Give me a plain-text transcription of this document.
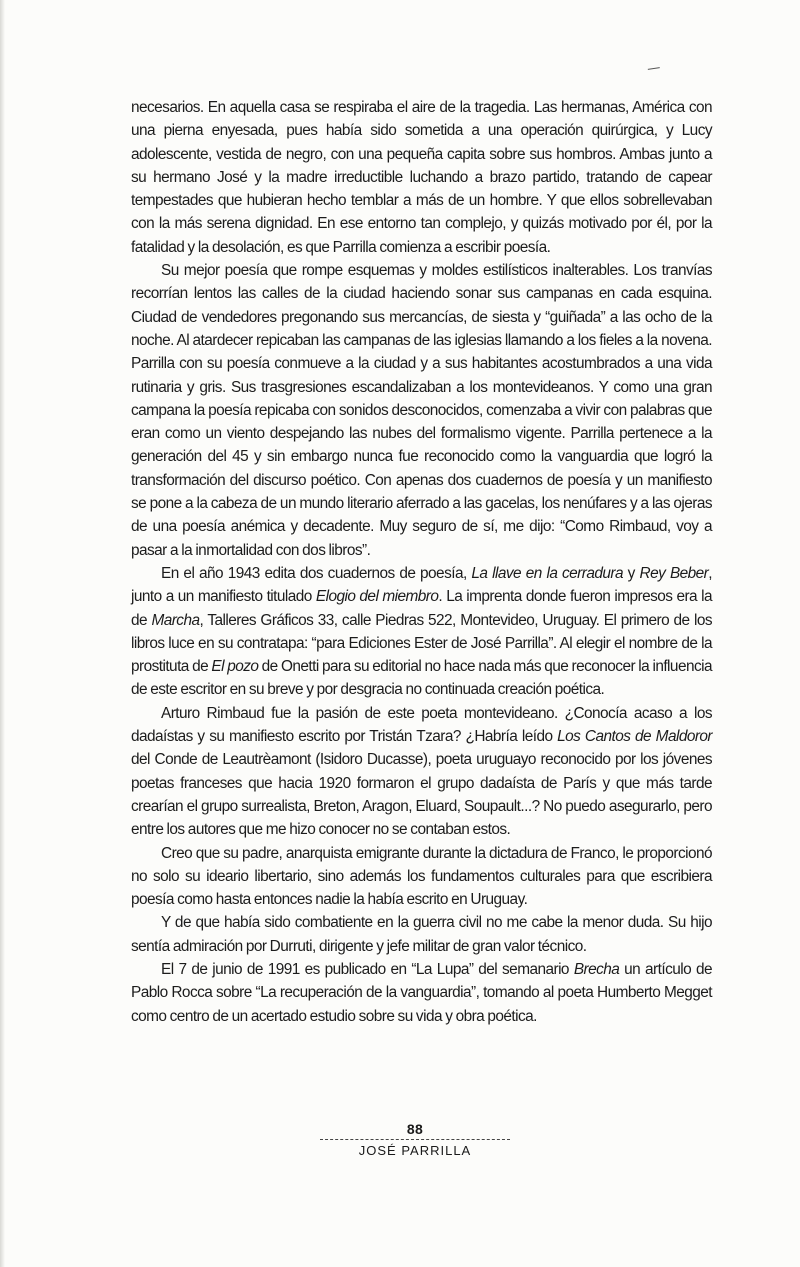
necesarios. En aquella casa se respiraba el aire de la tragedia. Las hermanas, América con una pierna enyesada, pues había sido sometida a una operación quirúrgica, y Lucy adolescente, vestida de negro, con una pequeña capita sobre sus hombros. Ambas junto a su hermano José y la madre irreductible luchando a brazo partido, tratando de capear tempestades que hubieran hecho temblar a más de un hombre. Y que ellos sobrellevaban con la más serena dignidad. En ese entorno tan complejo, y quizás motivado por él, por la fatalidad y la desolación, es que Parrilla comienza a escribir poesía.

Su mejor poesía que rompe esquemas y moldes estilísticos inalterables. Los tranvías recorrían lentos las calles de la ciudad haciendo sonar sus campanas en cada esquina. Ciudad de vendedores pregonando sus mercancías, de siesta y “guiñada” a las ocho de la noche. Al atardecer repicaban las campanas de las iglesias llamando a los fieles a la novena. Parrilla con su poesía conmueve a la ciudad y a sus habitantes acostumbrados a una vida rutinaria y gris. Sus trasgresiones escandalizaban a los montevideanos. Y como una gran campana la poesía repicaba con sonidos desconocidos, comenzaba a vivir con palabras que eran como un viento despejando las nubes del formalismo vigente. Parrilla pertenece a la generación del 45 y sin embargo nunca fue reconocido como la vanguardia que logró la transformación del discurso poético. Con apenas dos cuadernos de poesía y un manifiesto se pone a la cabeza de un mundo literario aferrado a las gacelas, los nenúfares y a las ojeras de una poesía anémica y decadente. Muy seguro de sí, me dijo: “Como Rimbaud, voy a pasar a la inmortalidad con dos libros”.

En el año 1943 edita dos cuadernos de poesía, La llave en la cerradura y Rey Beber, junto a un manifiesto titulado Elogio del miembro. La imprenta donde fueron impresos era la de Marcha, Talleres Gráficos 33, calle Piedras 522, Montevideo, Uruguay. El primero de los libros luce en su contratapa: “para Ediciones Ester de José Parrilla”. Al elegir el nombre de la prostituta de El pozo de Onetti para su editorial no hace nada más que reconocer la influencia de este escritor en su breve y por desgracia no continuada creación poética.

Arturo Rimbaud fue la pasión de este poeta montevideano. ¿Conocía acaso a los dadaístas y su manifiesto escrito por Tristán Tzara? ¿Habría leído Los Cantos de Maldoror del Conde de Leautrèamont (Isidoro Ducasse), poeta uruguayo reconocido por los jóvenes poetas franceses que hacia 1920 formaron el grupo dadaísta de París y que más tarde crearían el grupo surrealista, Breton, Aragon, Eluard, Soupault...? No puedo asegurarlo, pero entre los autores que me hizo conocer no se contaban estos.

Creo que su padre, anarquista emigrante durante la dictadura de Franco, le proporcionó no solo su ideario libertario, sino además los fundamentos culturales para que escribiera poesía como hasta entonces nadie la había escrito en Uruguay.

Y de que había sido combatiente en la guerra civil no me cabe la menor duda. Su hijo sentía admiración por Durruti, dirigente y jefe militar de gran valor técnico.

El 7 de junio de 1991 es publicado en “La Lupa” del semanario Brecha un artículo de Pablo Rocca sobre “La recuperación de la vanguardia”, tomando al poeta Humberto Megget como centro de un acertado estudio sobre su vida y obra poética.

88
JOSÉ PARRILLA
